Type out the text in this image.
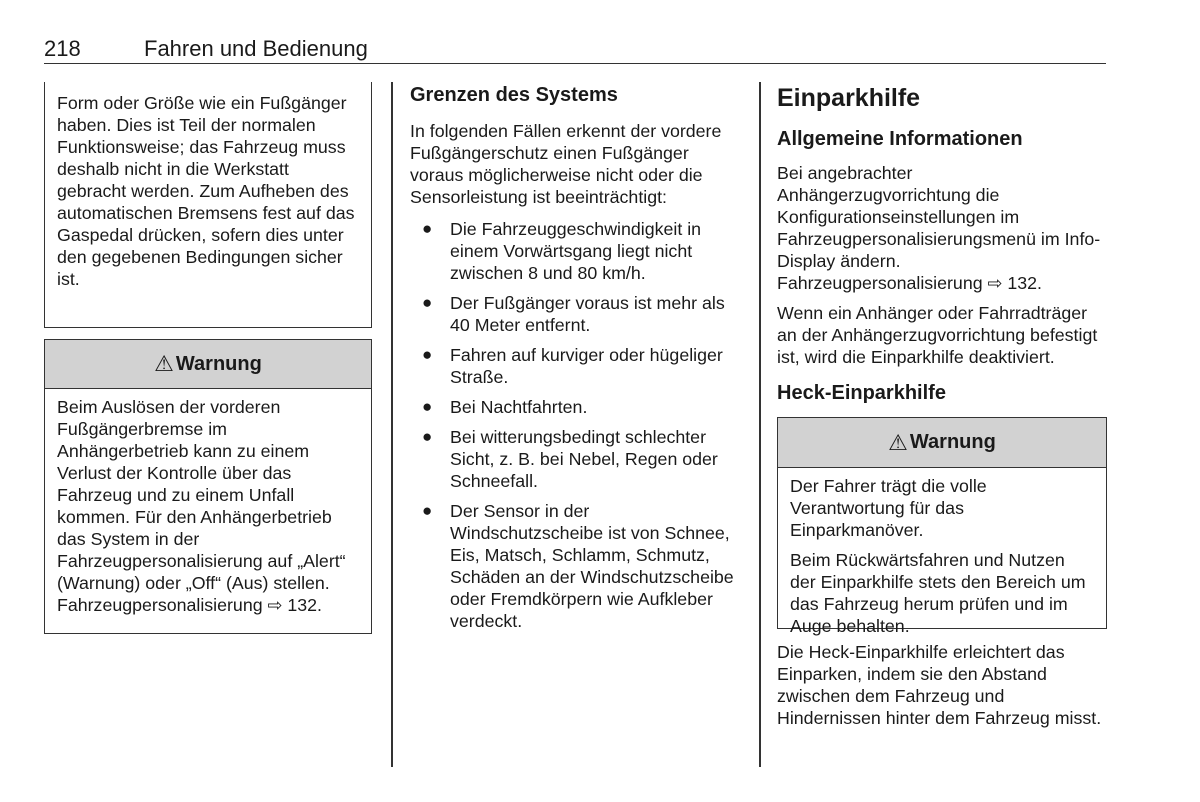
218	Fahren und Bedienung

Form oder Größe wie ein Fußgänger haben. Dies ist Teil der normalen Funktionsweise; das Fahrzeug muss deshalb nicht in die Werkstatt gebracht werden. Zum Aufheben des automatischen Bremsens fest auf das Gaspedal drücken, sofern dies unter den gegebenen Bedingungen sicher ist.

⚠ Warnung

Beim Auslösen der vorderen Fußgängerbremse im Anhängerbetrieb kann zu einem Verlust der Kontrolle über das Fahrzeug und zu einem Unfall kommen. Für den Anhängerbetrieb das System in der Fahrzeugpersonalisierung auf „Alert“ (Warnung) oder „Off“ (Aus) stellen. Fahrzeugpersonalisierung ⇨ 132.

Grenzen des Systems

In folgenden Fällen erkennt der vordere Fußgängerschutz einen Fußgänger voraus möglicherweise nicht oder die Sensorleistung ist beeinträchtigt:

● Die Fahrzeuggeschwindigkeit in einem Vorwärtsgang liegt nicht zwischen 8 und 80 km/h.
● Der Fußgänger voraus ist mehr als 40 Meter entfernt.
● Fahren auf kurviger oder hügeliger Straße.
● Bei Nachtfahrten.
● Bei witterungsbedingt schlechter Sicht, z. B. bei Nebel, Regen oder Schneefall.
● Der Sensor in der Windschutzscheibe ist von Schnee, Eis, Matsch, Schlamm, Schmutz, Schäden an der Windschutzscheibe oder Fremdkörpern wie Aufkleber verdeckt.
Einparkhilfe
Allgemeine Informationen

Bei angebrachter Anhängerzugvorrichtung die Konfigurationseinstellungen im Fahrzeugpersonalisierungsmenü im Info-Display ändern. Fahrzeugpersonalisierung ⇨ 132.

Wenn ein Anhänger oder Fahrradträger an der Anhängerzugvorrichtung befestigt ist, wird die Einparkhilfe deaktiviert.

Heck-Einparkhilfe
⚠ Warnung

Der Fahrer trägt die volle Verantwortung für das Einparkmanöver.

Beim Rückwärtsfahren und Nutzen der Einparkhilfe stets den Bereich um das Fahrzeug herum prüfen und im Auge behalten.

Die Heck-Einparkhilfe erleichtert das Einparken, indem sie den Abstand zwischen dem Fahrzeug und Hindernissen hinter dem Fahrzeug misst.
